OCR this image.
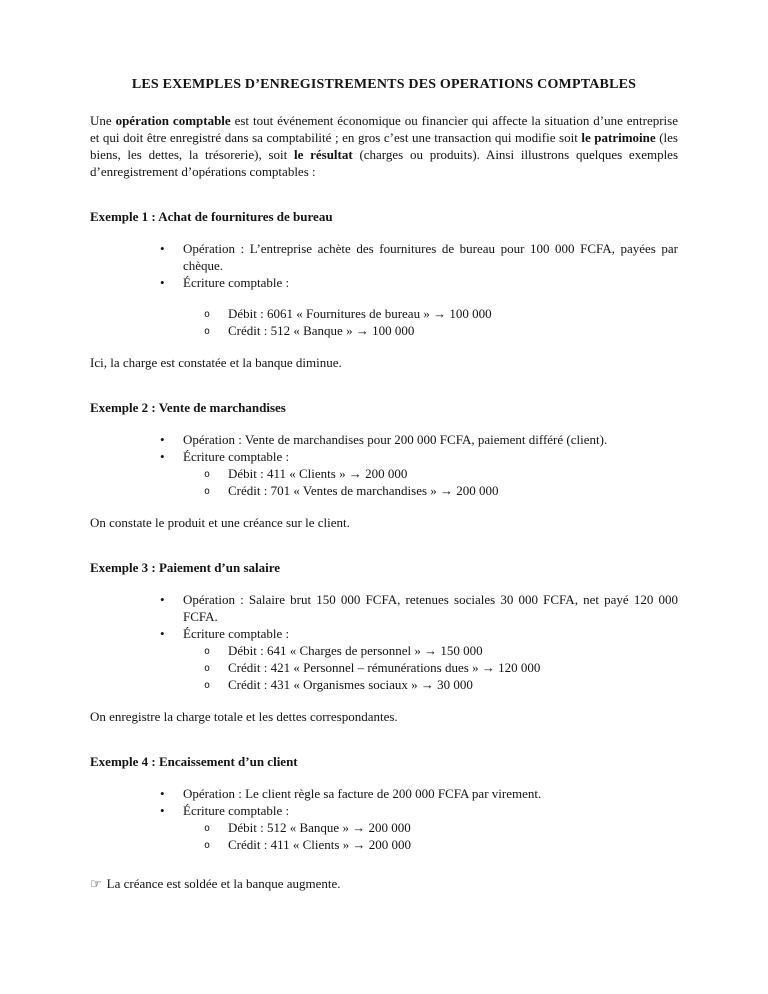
LES EXEMPLES D’ENREGISTREMENTS DES OPERATIONS COMPTABLES

Une opération comptable est tout événement économique ou financier qui affecte la situation d’une entreprise et qui doit être enregistré dans sa comptabilité ; en gros c’est une transaction qui modifie soit le patrimoine (les biens, les dettes, la trésorerie), soit le résultat (charges ou produits). Ainsi illustrons quelques exemples d’enregistrement d’opérations comptables :

Exemple 1 : Achat de fournitures de bureau
• Opération : L’entreprise achète des fournitures de bureau pour 100 000 FCFA, payées par chèque.
• Écriture comptable :
o Débit : 6061 « Fournitures de bureau » → 100 000
o Crédit : 512 « Banque » → 100 000

Ici, la charge est constatée et la banque diminue.

Exemple 2 : Vente de marchandises
• Opération : Vente de marchandises pour 200 000 FCFA, paiement différé (client).
• Écriture comptable :
o Débit : 411 « Clients » → 200 000
o Crédit : 701 « Ventes de marchandises » → 200 000

On constate le produit et une créance sur le client.

Exemple 3 : Paiement d’un salaire
• Opération : Salaire brut 150 000 FCFA, retenues sociales 30 000 FCFA, net payé 120 000 FCFA.
• Écriture comptable :
o Débit : 641 « Charges de personnel » → 150 000
o Crédit : 421 « Personnel – rémunérations dues » → 120 000
o Crédit : 431 « Organismes sociaux » → 30 000

On enregistre la charge totale et les dettes correspondantes.

Exemple 4 : Encaissement d’un client
• Opération : Le client règle sa facture de 200 000 FCFA par virement.
• Écriture comptable :
o Débit : 512 « Banque » → 200 000
o Crédit : 411 « Clients » → 200 000

☞ La créance est soldée et la banque augmente.
